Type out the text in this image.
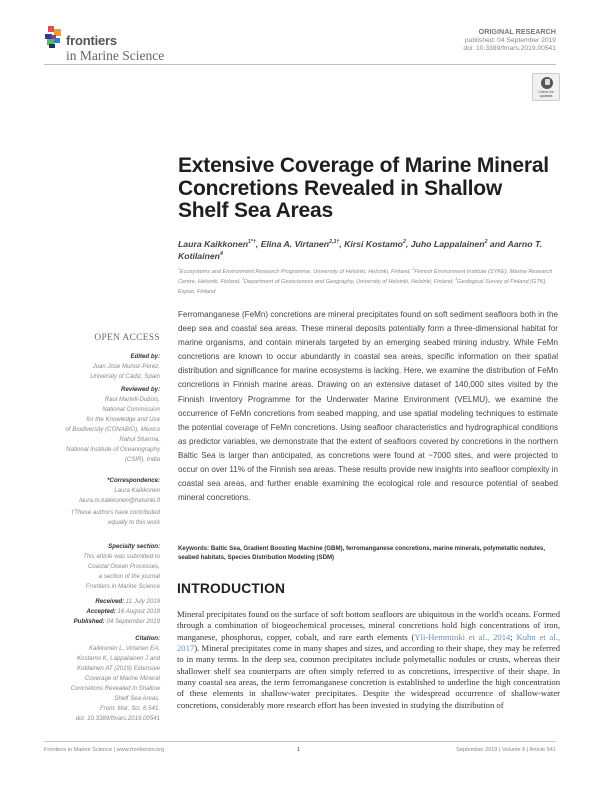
frontiers
in Marine Science
ORIGINAL RESEARCH
published: 04 September 2019
doi: 10.3389/fmars.2019.00541
Check for updates
Extensive Coverage of Marine Mineral Concretions Revealed in Shallow Shelf Sea Areas
Laura Kaikkonen$^{1*\dagger}$, Elina A. Virtanen$^{2,3\dagger}$, Kirsi Kostamo$^2$, Juho Lappalainen$^2$ and Aarno T. Kotilainen$^4$
$^1$Ecosystems and Environment Research Programme, University of Helsinki, Helsinki, Finland, $^2$Finnish Environment Institute (SYKE), Marine Research Centre, Helsinki, Finland, $^3$Department of Geosciences and Geography, University of Helsinki, Helsinki, Finland, $^4$Geological Survey of Finland (GTK), Espoo, Finland
Ferromanganese (FeMn) concretions are mineral precipitates found on soft sediment seafloors both in the deep sea and coastal sea areas. These mineral deposits potentially form a three-dimensional habitat for marine organisms, and contain minerals targeted by an emerging seabed mining industry. While FeMn concretions are known to occur abundantly in coastal sea areas, specific information on their spatial distribution and significance for marine ecosystems is lacking. Here, we examine the distribution of FeMn concretions in Finnish marine areas. Drawing on an extensive dataset of 140,000 sites visited by the Finnish Inventory Programme for the Underwater Marine Environment (VELMU), we examine the occurrence of FeMn concretions from seabed mapping, and use spatial modeling techniques to estimate the potential coverage of FeMn concretions. Using seafloor characteristics and hydrographical conditions as predictor variables, we demonstrate that the extent of seafloors covered by concretions in the northern Baltic Sea is larger than anticipated, as concretions were found at ~7000 sites, and were projected to occur on over 11% of the Finnish sea areas. These results provide new insights into seafloor complexity in coastal sea areas, and further enable examining the ecological role and resource potential of seabed mineral concretions.
Keywords: Baltic Sea, Gradient Boosting Machine (GBM), ferromanganese concretions, marine minerals, polymetallic nodules, seabed habitats, Species Distribution Modeling (SDM)
INTRODUCTION
Mineral precipitates found on the surface of soft bottom seafloors are ubiquitous in the world's oceans. Formed through a combination of biogeochemical processes, mineral concretions hold high concentrations of iron, manganese, phosphorus, copper, cobalt, and rare earth elements (Yli-Hemminki et al., 2014; Kuhn et al., 2017). Mineral precipitates come in many shapes and sizes, and according to their shape, they may be referred to in many terms. In the deep sea, common precipitates include polymetallic nodules or crusts, whereas their shallower shelf sea counterparts are often simply referred to as concretions, irrespective of their shape. In many coastal sea areas, the term ferromanganese concretion is established to underline the high concentration of these elements in shallow-water precipitates. Despite the widespread occurrence of shallow-water concretions, considerably more research effort has been invested in studying the distribution of
OPEN ACCESS
Edited by:
Juan Jose Munoz-Perez,
University of Cádiz, Spain
Reviewed by:
Raul Martell-Dubois,
National Commission
for the Knowledge and Use
of Biodiversity (CONABIO), Mexico
Rahul Sharma,
National Institute of Oceanography
(CSIR), India
*Correspondence:
Laura Kaikkonen
laura.m.kaikkonen@helsinki.fi
†These authors have contributed
equally to this work
Specialty section:
This article was submitted to
Coastal Ocean Processes,
a section of the journal
Frontiers in Marine Science
Received: 11 July 2019
Accepted: 16 August 2019
Published: 04 September 2019
Citation:
Kaikkonen L, Virtanen EA,
Kostamo K, Lappalainen J and
Kotilainen AT (2019) Extensive
Coverage of Marine Mineral
Concretions Revealed in Shallow
Shelf Sea Areas.
Front. Mar. Sci. 6:541.
doi: 10.3389/fmars.2019.00541
Frontiers in Marine Science | www.frontiersin.org	1	September 2019 | Volume 6 | Article 541
